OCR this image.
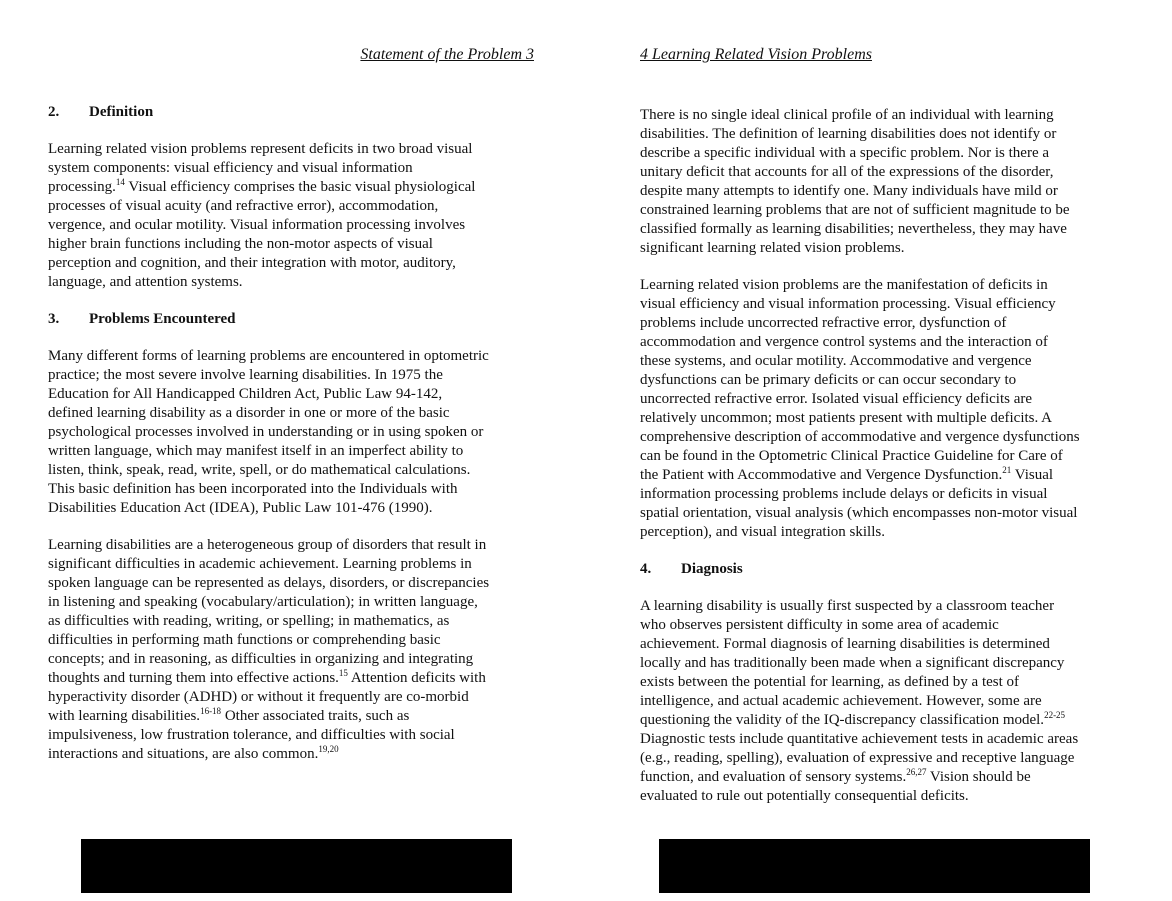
Statement of the Problem 3
2. Definition
Learning related vision problems represent deficits in two broad visual
system components: visual efficiency and visual information
processing.$^{14}$ Visual efficiency comprises the basic visual physiological
processes of visual acuity (and refractive error), accommodation,
vergence, and ocular motility. Visual information processing involves
higher brain functions including the non-motor aspects of visual
perception and cognition, and their integration with motor, auditory,
language, and attention systems.
3. Problems Encountered
Many different forms of learning problems are encountered in optometric
practice; the most severe involve learning disabilities. In 1975 the
Education for All Handicapped Children Act, Public Law 94-142,
defined learning disability as a disorder in one or more of the basic
psychological processes involved in understanding or in using spoken or
written language, which may manifest itself in an imperfect ability to
listen, think, speak, read, write, spell, or do mathematical calculations.
This basic definition has been incorporated into the Individuals with
Disabilities Education Act (IDEA), Public Law 101-476 (1990).
Learning disabilities are a heterogeneous group of disorders that result in
significant difficulties in academic achievement. Learning problems in
spoken language can be represented as delays, disorders, or discrepancies
in listening and speaking (vocabulary/articulation); in written language,
as difficulties with reading, writing, or spelling; in mathematics, as
difficulties in performing math functions or comprehending basic
concepts; and in reasoning, as difficulties in organizing and integrating
thoughts and turning them into effective actions.$^{15}$ Attention deficits with
hyperactivity disorder (ADHD) or without it frequently are co-morbid
with learning disabilities.$^{16-18}$ Other associated traits, such as
impulsiveness, low frustration tolerance, and difficulties with social
interactions and situations, are also common.$^{19,20}$
4 Learning Related Vision Problems
There is no single ideal clinical profile of an individual with learning
disabilities. The definition of learning disabilities does not identify or
describe a specific individual with a specific problem. Nor is there a
unitary deficit that accounts for all of the expressions of the disorder,
despite many attempts to identify one. Many individuals have mild or
constrained learning problems that are not of sufficient magnitude to be
classified formally as learning disabilities; nevertheless, they may have
significant learning related vision problems.
Learning related vision problems are the manifestation of deficits in
visual efficiency and visual information processing. Visual efficiency
problems include uncorrected refractive error, dysfunction of
accommodation and vergence control systems and the interaction of
these systems, and ocular motility. Accommodative and vergence
dysfunctions can be primary deficits or can occur secondary to
uncorrected refractive error. Isolated visual efficiency deficits are
relatively uncommon; most patients present with multiple deficits. A
comprehensive description of accommodative and vergence dysfunctions
can be found in the Optometric Clinical Practice Guideline for Care of
the Patient with Accommodative and Vergence Dysfunction.$^{21}$ Visual
information processing problems include delays or deficits in visual
spatial orientation, visual analysis (which encompasses non-motor visual
perception), and visual integration skills.
4. Diagnosis
A learning disability is usually first suspected by a classroom teacher
who observes persistent difficulty in some area of academic
achievement. Formal diagnosis of learning disabilities is determined
locally and has traditionally been made when a significant discrepancy
exists between the potential for learning, as defined by a test of
intelligence, and actual academic achievement. However, some are
questioning the validity of the IQ-discrepancy classification model.$^{22-25}$
Diagnostic tests include quantitative achievement tests in academic areas
(e.g., reading, spelling), evaluation of expressive and receptive language
function, and evaluation of sensory systems.$^{26,27}$ Vision should be
evaluated to rule out potentially consequential deficits.
